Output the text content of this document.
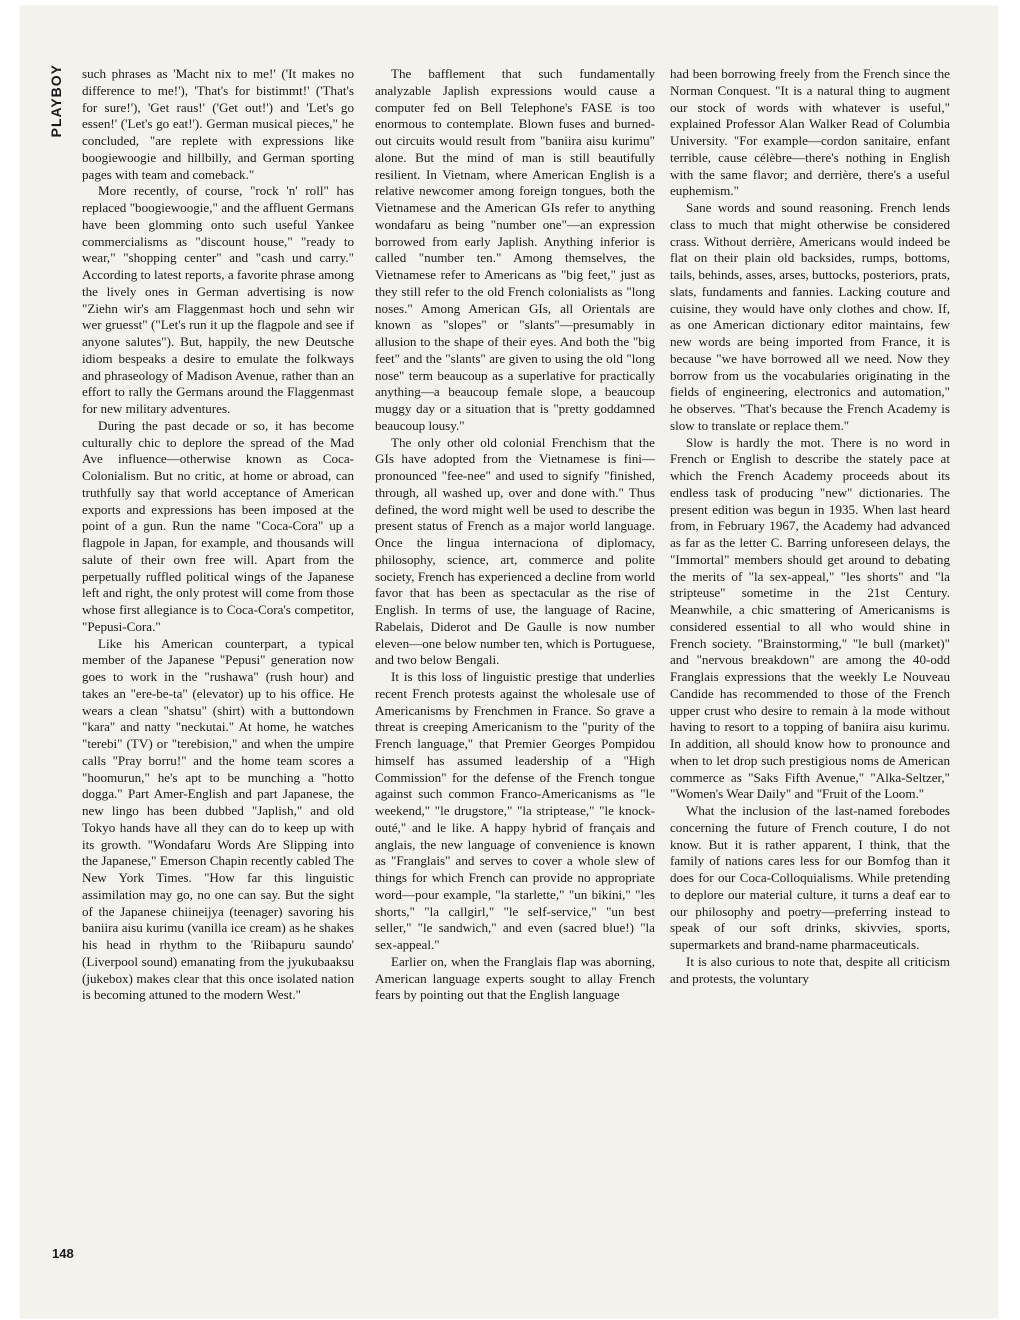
PLAYBOY	such phrases as 'Macht nix to me!' ('It makes no difference to me!'), 'That's for bistimmt!' ('That's for sure!'), 'Get raus!' ('Get out!') and 'Let's go essen!' ('Let's go eat!'). German musical pieces," he concluded, "are replete with expressions like boogiewoogie and hillbilly, and German sporting pages with team and comeback."

More recently, of course, "rock 'n' roll" has replaced "boogiewoogie," and the affluent Germans have been glomming onto such useful Yankee commercialisms as "discount house," "ready to wear," "shopping center" and "cash und carry." According to latest reports, a favorite phrase among the lively ones in German advertising is now "Ziehn wir's am Flaggenmast hoch und sehn wir wer gruesst" ("Let's run it up the flagpole and see if anyone salutes"). But, happily, the new Deutsche idiom bespeaks a desire to emulate the folkways and phraseology of Madison Avenue, rather than an effort to rally the Germans around the Flaggenmast for new military adventures.

During the past decade or so, it has become culturally chic to deplore the spread of the Mad Ave influence—otherwise known as Coca-Colonialism. But no critic, at home or abroad, can truthfully say that world acceptance of American exports and expressions has been imposed at the point of a gun. Run the name "Coca-Cora" up a flagpole in Japan, for example, and thousands will salute of their own free will. Apart from the perpetually ruffled political wings of the Japanese left and right, the only protest will come from those whose first allegiance is to Coca-Cora's competitor, "Pepusi-Cora."

Like his American counterpart, a typical member of the Japanese "Pepusi" generation now goes to work in the "rushawa" (rush hour) and takes an "ere-be-ta" (elevator) up to his office. He wears a clean "shatsu" (shirt) with a buttondown "kara" and natty "neckutai." At home, he watches "terebi" (TV) or "terebision," and when the umpire calls "Pray borru!" and the home team scores a "hoomurun," he's apt to be munching a "hotto dogga." Part Amer-English and part Japanese, the new lingo has been dubbed "Japlish," and old Tokyo hands have all they can do to keep up with its growth. "Wondafaru Words Are Slipping into the Japanese," Emerson Chapin recently cabled The New York Times. "How far this linguistic assimilation may go, no one can say. But the sight of the Japanese chiineijya (teenager) savoring his baniira aisu kurimu (vanilla ice cream) as he shakes his head in rhythm to the 'Riibapuru saundo' (Liverpool sound) emanating from the jyukubaaksu (jukebox) makes clear that this once isolated nation is becoming attuned to the modern West."

The bafflement that such fundamentally analyzable Japlish expressions would cause a computer fed on Bell Telephone's FASE is too enormous to contemplate. Blown fuses and burned-out circuits would result from "baniira aisu kurimu" alone. But the mind of man is still beautifully resilient. In Vietnam, where American English is a relative newcomer among foreign tongues, both the Vietnamese and the American GIs refer to anything wondafaru as being "number one"—an expression borrowed from early Japlish. Anything inferior is called "number ten." Among themselves, the Vietnamese refer to Americans as "big feet," just as they still refer to the old French colonialists as "long noses." Among American GIs, all Orientals are known as "slopes" or "slants"—presumably in allusion to the shape of their eyes. And both the "big feet" and the "slants" are given to using the old "long nose" term beaucoup as a superlative for practically anything—a beaucoup female slope, a beaucoup muggy day or a situation that is "pretty goddamned beaucoup lousy."

The only other old colonial Frenchism that the GIs have adopted from the Vietnamese is fini—pronounced "fee-nee" and used to signify "finished, through, all washed up, over and done with." Thus defined, the word might well be used to describe the present status of French as a major world language. Once the lingua internaciona of diplomacy, philosophy, science, art, commerce and polite society, French has experienced a decline from world favor that has been as spectacular as the rise of English. In terms of use, the language of Racine, Rabelais, Diderot and De Gaulle is now number eleven—one below number ten, which is Portuguese, and two below Bengali.

It is this loss of linguistic prestige that underlies recent French protests against the wholesale use of Americanisms by Frenchmen in France. So grave a threat is creeping Americanism to the "purity of the French language," that Premier Georges Pompidou himself has assumed leadership of a "High Commission" for the defense of the French tongue against such common Franco-Americanisms as "le weekend," "le drugstore," "la striptease," "le knock-outé," and le like. A happy hybrid of français and anglais, the new language of convenience is known as "Franglais" and serves to cover a whole slew of things for which French can provide no appropriate word—pour example, "la starlette," "un bikini," "les shorts," "la callgirl," "le self-service," "un best seller," "le sandwich," and even (sacred blue!) "la sex-appeal."

Earlier on, when the Franglais flap was aborning, American language experts sought to allay French fears by pointing out that the English language

had been borrowing freely from the French since the Norman Conquest. "It is a natural thing to augment our stock of words with whatever is useful," explained Professor Alan Walker Read of Columbia University. "For example—cordon sanitaire, enfant terrible, cause célèbre—there's nothing in English with the same flavor; and derrière, there's a useful euphemism."

Sane words and sound reasoning. French lends class to much that might otherwise be considered crass. Without derrière, Americans would indeed be flat on their plain old backsides, rumps, bottoms, tails, behinds, asses, arses, buttocks, posteriors, prats, slats, fundaments and fannies. Lacking couture and cuisine, they would have only clothes and chow. If, as one American dictionary editor maintains, few new words are being imported from France, it is because "we have borrowed all we need. Now they borrow from us the vocabularies originating in the fields of engineering, electronics and automation," he observes. "That's because the French Academy is slow to translate or replace them."

Slow is hardly the mot. There is no word in French or English to describe the stately pace at which the French Academy proceeds about its endless task of producing "new" dictionaries. The present edition was begun in 1935. When last heard from, in February 1967, the Academy had advanced as far as the letter C. Barring unforeseen delays, the "Immortal" members should get around to debating the merits of "la sex-appeal," "les shorts" and "la stripteuse" sometime in the 21st Century. Meanwhile, a chic smattering of Americanisms is considered essential to all who would shine in French society. "Brainstorming," "le bull (market)" and "nervous breakdown" are among the 40-odd Franglais expressions that the weekly Le Nouveau Candide has recommended to those of the French upper crust who desire to remain à la mode without having to resort to a topping of baniira aisu kurimu. In addition, all should know how to pronounce and when to let drop such prestigious noms de American commerce as "Saks Fifth Avenue," "Alka-Seltzer," "Women's Wear Daily" and "Fruit of the Loom."

What the inclusion of the last-named forebodes concerning the future of French couture, I do not know. But it is rather apparent, I think, that the family of nations cares less for our Bomfog than it does for our Coca-Colloquialisms. While pretending to deplore our material culture, it turns a deaf ear to our philosophy and poetry—preferring instead to speak of our soft drinks, skivvies, sports, supermarkets and brand-name pharmaceuticals.

It is also curious to note that, despite all criticism and protests, the voluntary

148
